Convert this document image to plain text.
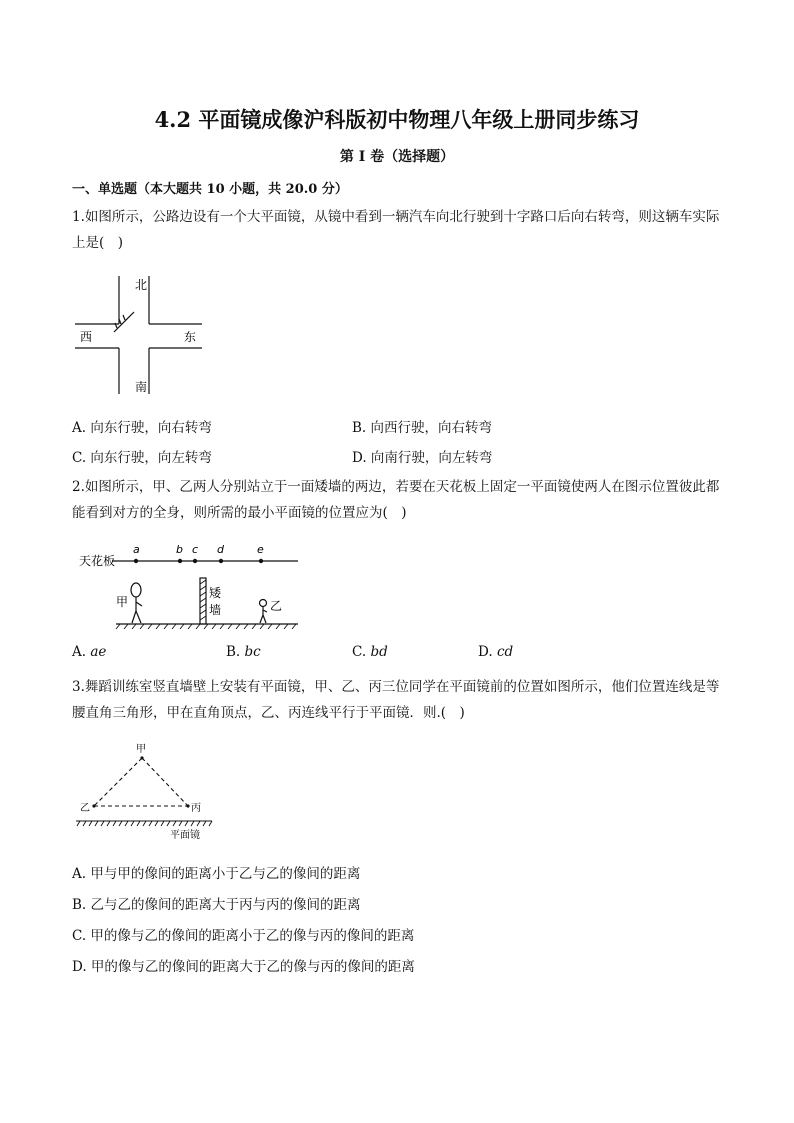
4.2 平面镜成像沪科版初中物理八年级上册同步练习
第 I 卷（选择题）
一、单选题（本大题共 10 小题，共 20.0 分）
1.如图所示，公路边设有一个大平面镜，从镜中看到一辆汽车向北行驶到十字路口后向右转弯，则这辆车实际上是(　)
北
西	东
南
A. 向东行驶，向右转弯	B. 向西行驶，向右转弯
C. 向东行驶，向左转弯	D. 向南行驶，向左转弯
2.如图所示，甲、乙两人分别站立于一面矮墙的两边，若要在天花板上固定一平面镜使两人在图示位置彼此都能看到对方的全身，则所需的最小平面镜的位置应为(　)
天花板
a	b c d	e
甲	乙
矮
墙
A. ae	B. bc	C. bd	D. cd
3.舞蹈训练室竖直墙壁上安装有平面镜，甲、乙、丙三位同学在平面镜前的位置如图所示，他们位置连线是等腰直角三角形，甲在直角顶点，乙、丙连线平行于平面镜．则.(　)
甲
乙	丙
平面镜
A. 甲与甲的像间的距离小于乙与乙的像间的距离
B. 乙与乙的像间的距离大于丙与丙的像间的距离
C. 甲的像与乙的像间的距离小于乙的像与丙的像间的距离
D. 甲的像与乙的像间的距离大于乙的像与丙的像间的距离
